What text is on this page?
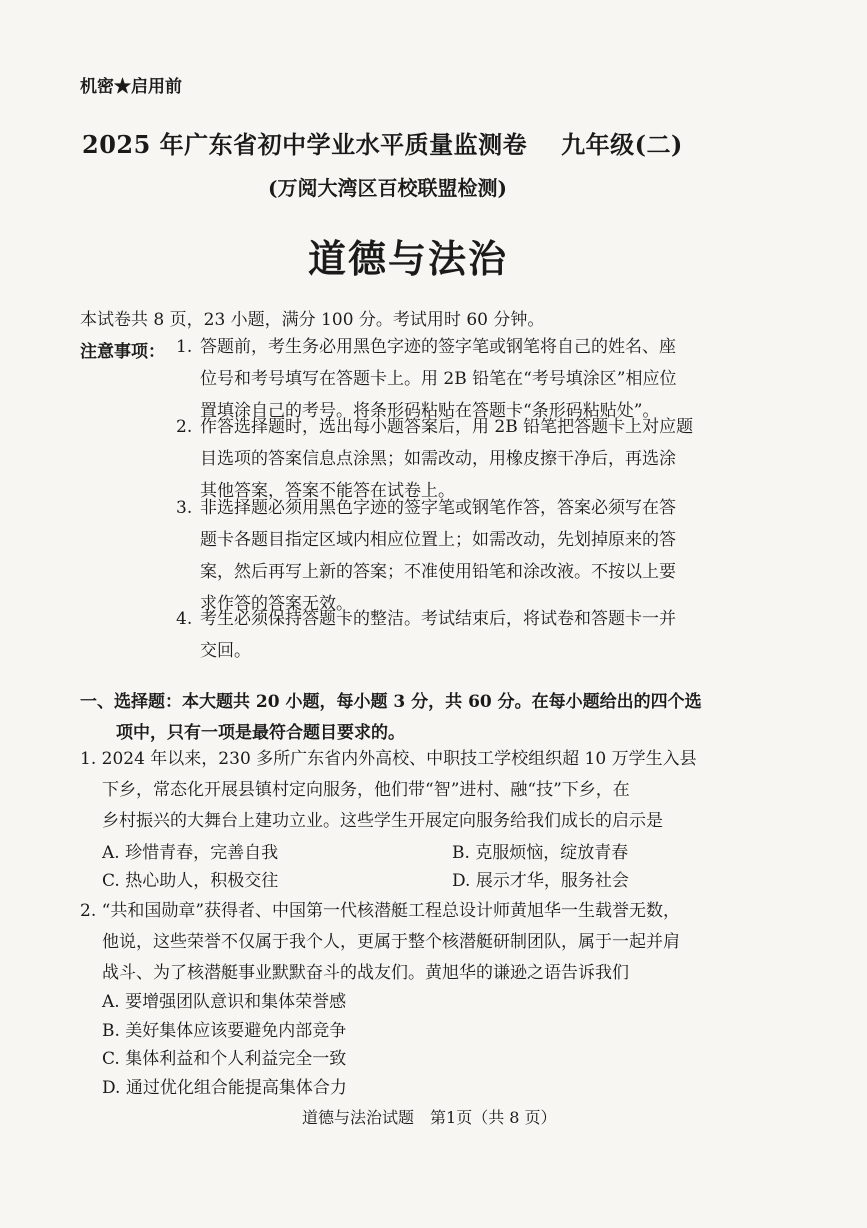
机密★启用前
2025 年广东省初中学业水平质量监测卷 九年级(二)
(万阅大湾区百校联盟检测)
道德与法治
本试卷共 8 页，23 小题，满分 100 分。考试用时 60 分钟。
注意事项： 1. 答题前，考生务必用黑色字迹的签字笔或钢笔将自己的姓名、座
位号和考号填写在答题卡上。用 2B 铅笔在“考号填涂区”相应位
置填涂自己的考号。将条形码粘贴在答题卡“条形码粘贴处”。
2. 作答选择题时，选出每小题答案后，用 2B 铅笔把答题卡上对应题
目选项的答案信息点涂黑；如需改动，用橡皮擦干净后，再选涂
其他答案，答案不能答在试卷上。
3. 非选择题必须用黑色字迹的签字笔或钢笔作答，答案必须写在答
题卡各题目指定区域内相应位置上；如需改动，先划掉原来的答
案，然后再写上新的答案；不准使用铅笔和涂改液。不按以上要
求作答的答案无效。
4. 考生必须保持答题卡的整洁。考试结束后，将试卷和答题卡一并
交回。
一、选择题：本大题共 20 小题，每小题 3 分，共 60 分。在每小题给出的四个选
项中，只有一项是最符合题目要求的。
1. 2024 年以来，230 多所广东省内外高校、中职技工学校组织超 10 万学生入县
下乡，常态化开展县镇村定向服务，他们带“智”进村、融“技”下乡，在
乡村振兴的大舞台上建功立业。这些学生开展定向服务给我们成长的启示是
A. 珍惜青春，完善自我	B. 克服烦恼，绽放青春
C. 热心助人，积极交往	D. 展示才华，服务社会
2. “共和国勋章”获得者、中国第一代核潜艇工程总设计师黄旭华一生载誉无数，
他说，这些荣誉不仅属于我个人，更属于整个核潜艇研制团队，属于一起并肩
战斗、为了核潜艇事业默默奋斗的战友们。黄旭华的谦逊之语告诉我们
A. 要增强团队意识和集体荣誉感
B. 美好集体应该要避免内部竞争
C. 集体利益和个人利益完全一致
D. 通过优化组合能提高集体合力
道德与法治试题 第1页（共 8 页）
